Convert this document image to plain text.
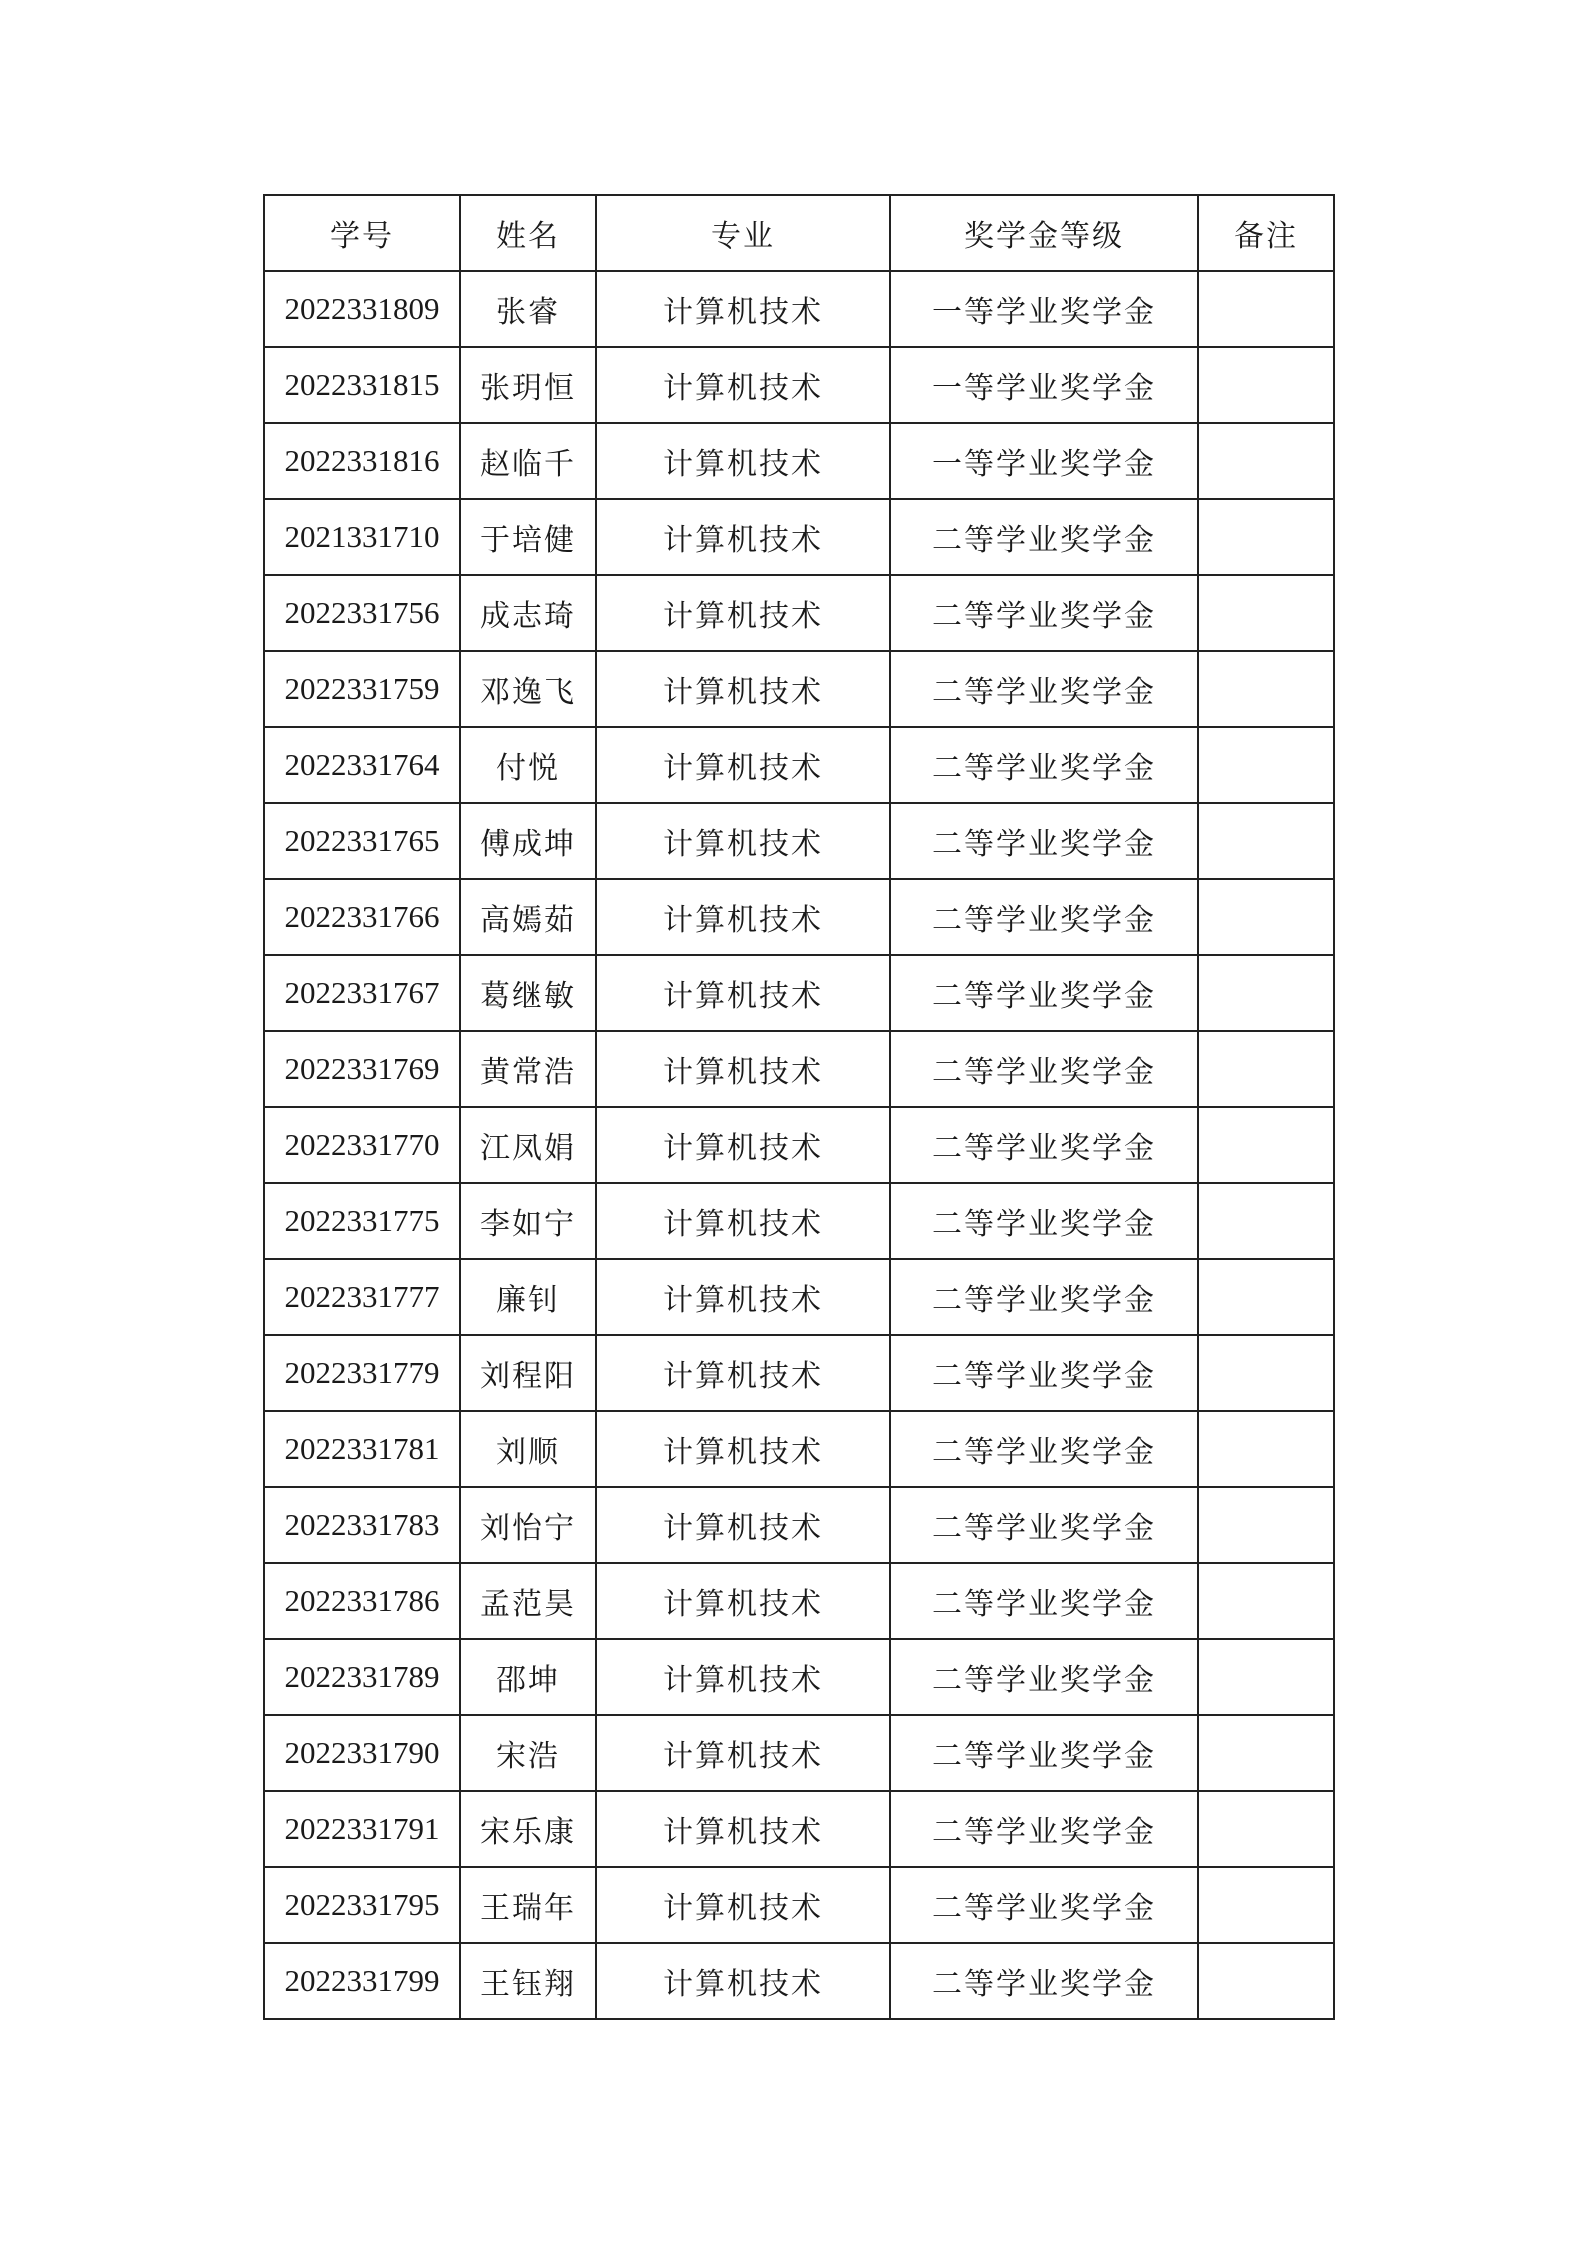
学号	姓名	专业	奖学金等级	备注
2022331809	张睿	计算机技术	一等学业奖学金	
2022331815	张玥恒	计算机技术	一等学业奖学金	
2022331816	赵临千	计算机技术	一等学业奖学金	
2021331710	于培健	计算机技术	二等学业奖学金	
2022331756	成志琦	计算机技术	二等学业奖学金	
2022331759	邓逸飞	计算机技术	二等学业奖学金	
2022331764	付悦	计算机技术	二等学业奖学金	
2022331765	傅成坤	计算机技术	二等学业奖学金	
2022331766	高嫣茹	计算机技术	二等学业奖学金	
2022331767	葛继敏	计算机技术	二等学业奖学金	
2022331769	黄常浩	计算机技术	二等学业奖学金	
2022331770	江凤娟	计算机技术	二等学业奖学金	
2022331775	李如宁	计算机技术	二等学业奖学金	
2022331777	廉钊	计算机技术	二等学业奖学金	
2022331779	刘程阳	计算机技术	二等学业奖学金	
2022331781	刘顺	计算机技术	二等学业奖学金	
2022331783	刘怡宁	计算机技术	二等学业奖学金	
2022331786	孟范昊	计算机技术	二等学业奖学金	
2022331789	邵坤	计算机技术	二等学业奖学金	
2022331790	宋浩	计算机技术	二等学业奖学金	
2022331791	宋乐康	计算机技术	二等学业奖学金	
2022331795	王瑞年	计算机技术	二等学业奖学金	
2022331799	王钰翔	计算机技术	二等学业奖学金	
